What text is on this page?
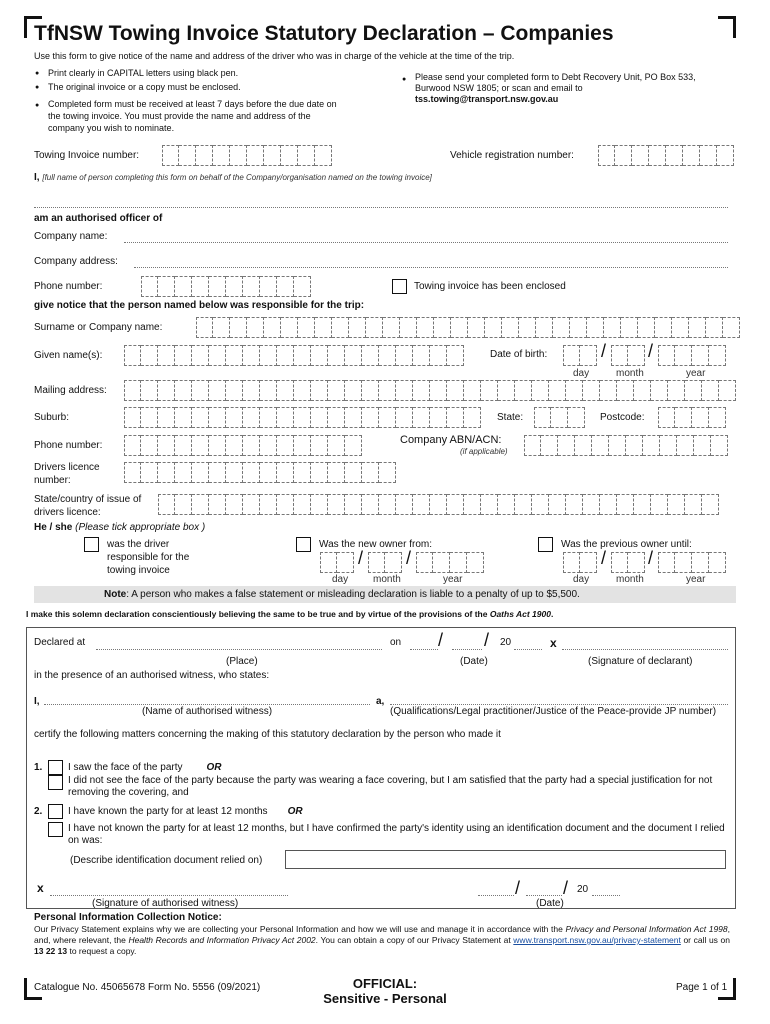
TfNSW Towing Invoice Statutory Declaration – Companies
Use this form to give notice of the name and address of the driver who was in charge of the vehicle at the time of the trip.
● Print clearly in CAPITAL letters using black pen.
● The original invoice or a copy must be enclosed.
● Completed form must be received at least 7 days before the due date on the towing invoice. You must provide the name and address of the company you wish to nominate.
● Please send your completed form to Debt Recovery Unit, PO Box 533, Burwood NSW 1805; or scan and email to
tss.towing@transport.nsw.gov.au
Towing Invoice number:	Vehicle registration number:
I, [full name of person completing this form on behalf of the Company/organisation named on the towing invoice]
am an authorised officer of
Company name:
Company address:
Phone number:	Towing invoice has been enclosed
give notice that the person named below was responsible for the trip:
Surname or Company name:
Given name(s):	Date of birth:	/ /
day	month	year
Mailing address:
Suburb:	State:	Postcode:
Phone number:	Company ABN/ACN:
(if applicable)
Drivers licence number:
State/country of issue of drivers licence:
He / she (Please tick appropriate box )
was the driver responsible for the towing invoice
Was the new owner from:
/ /
day month	year
Was the previous owner until:
/ /
day	month	year
Note: A person who makes a false statement or misleading declaration is liable to a penalty of up to $5,500.
I make this solemn declaration conscientiously believing the same to be true and by virtue of the provisions of the Oaths Act 1900.
Declared at	on / / 20	x
(Place)	(Date)	(Signature of declarant)
in the presence of an authorised witness, who states:
I,	a,
(Name of authorised witness)	(Qualifications/Legal practitioner/Justice of the Peace-provide JP number)
certify the following matters concerning the making of this statutory declaration by the person who made it
1.	I saw the face of the party OR
I did not see the face of the party because the party was wearing a face covering, but I am satisfied that the party had a special justification for not removing the covering, and
2.	I have known the party for at least 12 months OR
I have not known the party for at least 12 months, but I have confirmed the party's identity using an identification document and the document I relied on was:
(Describe identification document relied on)
x	/ / 20
(Signature of authorised witness)	(Date)
Personal Information Collection Notice:
Our Privacy Statement explains why we are collecting your Personal Information and how we will use and manage it in accordance with the Privacy and Personal Information Act 1998, and, where relevant, the Health Records and Information Privacy Act 2002. You can obtain a copy of our Privacy Statement at www.transport.nsw.gov.au/privacy-statement or call us on 13 22 13 to request a copy.
Catalogue No. 45065678 Form No. 5556 (09/2021)	OFFICIAL:
Sensitive - Personal
Page 1 of 1
